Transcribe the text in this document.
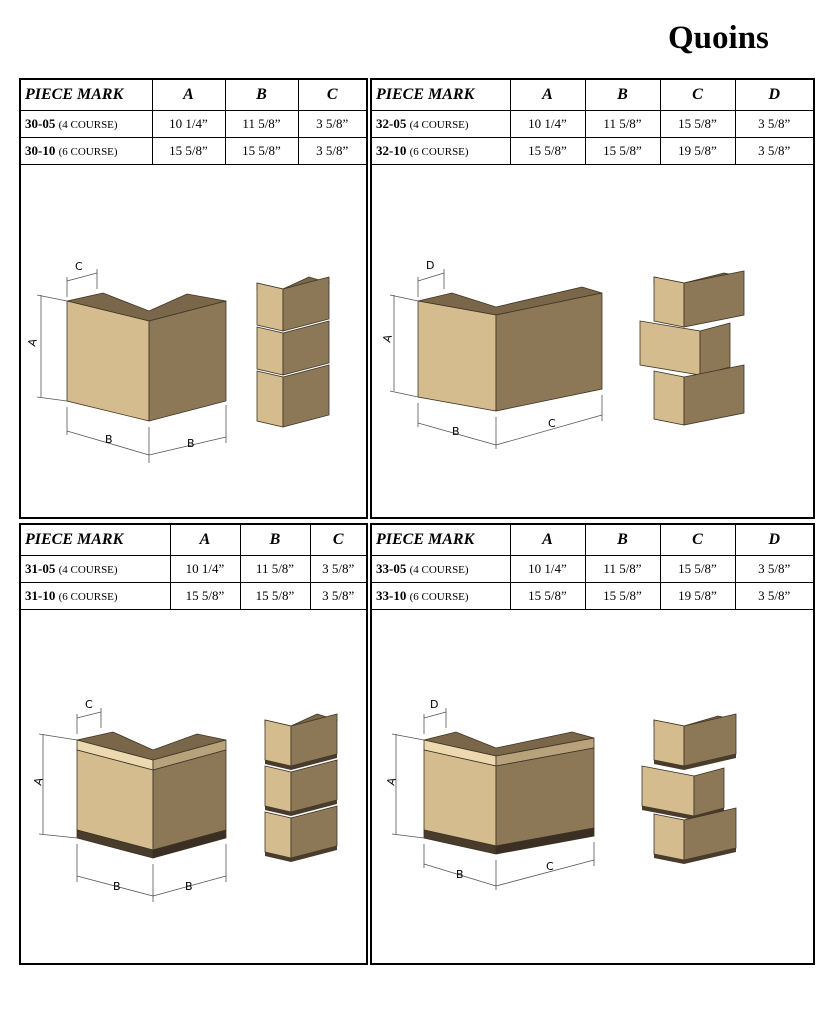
Quoins
PIECE MARK	A	B	C
30-05 (4 COURSE)	10 1/4”	11 5/8”	3 5/8”
30-10 (6 COURSE)	15 5/8”	15 5/8”	3 5/8”
A
B	B
C
PIECE MARK	A	B	C	D
32-05 (4 COURSE)	10 1/4”	11 5/8”	15 5/8”	3 5/8”
32-10 (6 COURSE)	15 5/8”	15 5/8”	19 5/8”	3 5/8”
A
B
C
D
PIECE MARK	A	B	C
31-05 (4 COURSE)	10 1/4”	11 5/8”	3 5/8”
31-10 (6 COURSE)	15 5/8”	15 5/8”	3 5/8”
A
B	B
C
PIECE MARK	A	B	C	D
33-05 (4 COURSE)	10 1/4”	11 5/8”	15 5/8”	3 5/8”
33-10 (6 COURSE)	15 5/8”	15 5/8”	19 5/8”	3 5/8”
A
B
C
D
